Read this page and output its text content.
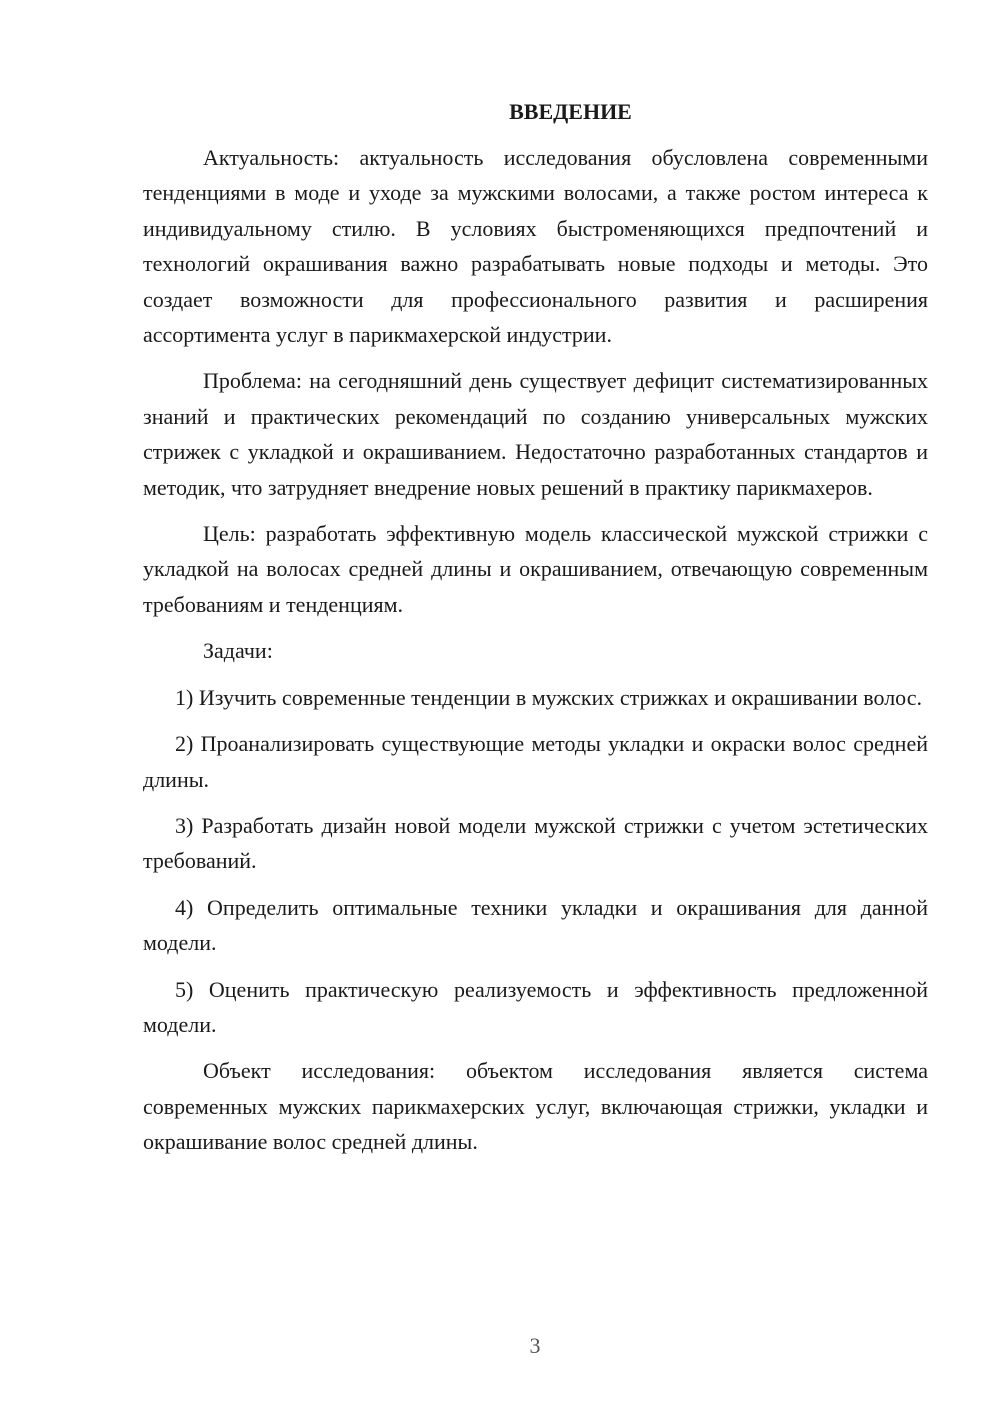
ВВЕДЕНИЕ

Актуальность: актуальность исследования обусловлена современными тенденциями в моде и уходе за мужскими волосами, а также ростом интереса к индивидуальному стилю. В условиях быстроменяющихся предпочтений и технологий окрашивания важно разрабатывать новые подходы и методы. Это создает возможности для профессионального развития и расширения ассортимента услуг в парикмахерской индустрии.

Проблема: на сегодняшний день существует дефицит систематизированных знаний и практических рекомендаций по созданию универсальных мужских стрижек с укладкой и окрашиванием. Недостаточно разработанных стандартов и методик, что затрудняет внедрение новых решений в практику парикмахеров.

Цель: разработать эффективную модель классической мужской стрижки с укладкой на волосах средней длины и окрашиванием, отвечающую современным требованиям и тенденциям.

Задачи:

1) Изучить современные тенденции в мужских стрижках и окрашивании волос.

2) Проанализировать существующие методы укладки и окраски волос средней длины.

3) Разработать дизайн новой модели мужской стрижки с учетом эстетических требований.

4) Определить оптимальные техники укладки и окрашивания для данной модели.

5) Оценить практическую реализуемость и эффективность предложенной модели.

Объект исследования: объектом исследования является система современных мужских парикмахерских услуг, включающая стрижки, укладки и окрашивание волос средней длины.

3
